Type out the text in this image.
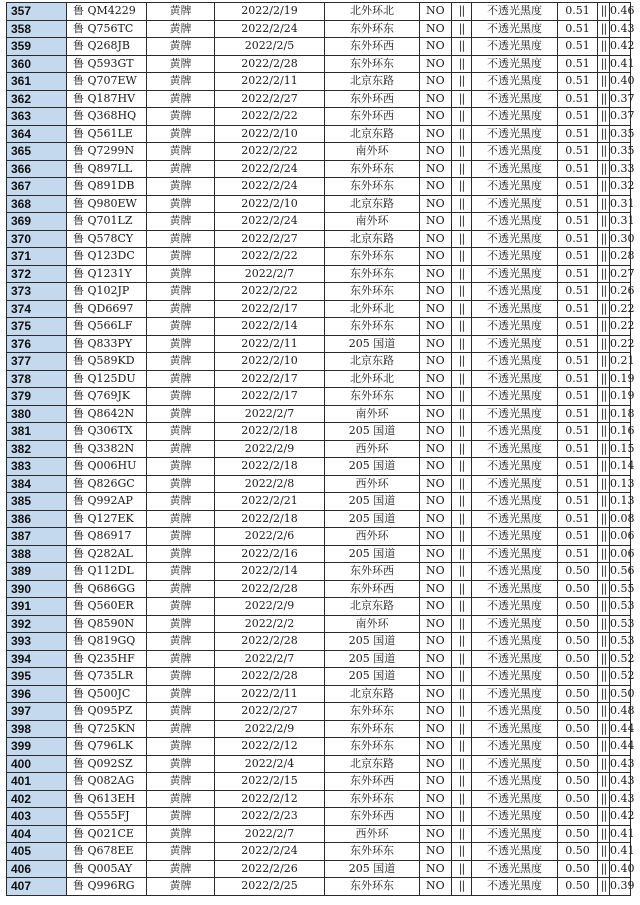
357	鲁 QM4229	黄牌	2022/2/19	北外环北	NO	||	不透光黑度	0.51	||	0.46
358	鲁 Q756TC	黄牌	2022/2/24	东外环东	NO	||	不透光黑度	0.51	||	0.43
359	鲁 Q268JB	黄牌	2022/2/5	东外环西	NO	||	不透光黑度	0.51	||	0.42
360	鲁 Q593GT	黄牌	2022/2/28	东外环东	NO	||	不透光黑度	0.51	||	0.41
361	鲁 Q707EW	黄牌	2022/2/11	北京东路	NO	||	不透光黑度	0.51	||	0.40
362	鲁 Q187HV	黄牌	2022/2/27	东外环西	NO	||	不透光黑度	0.51	||	0.37
363	鲁 Q368HQ	黄牌	2022/2/22	东外环西	NO	||	不透光黑度	0.51	||	0.37
364	鲁 Q561LE	黄牌	2022/2/10	北京东路	NO	||	不透光黑度	0.51	||	0.35
365	鲁 Q7299N	黄牌	2022/2/22	南外环	NO	||	不透光黑度	0.51	||	0.35
366	鲁 Q897LL	黄牌	2022/2/24	东外环东	NO	||	不透光黑度	0.51	||	0.33
367	鲁 Q891DB	黄牌	2022/2/24	东外环东	NO	||	不透光黑度	0.51	||	0.32
368	鲁 Q980EW	黄牌	2022/2/10	北京东路	NO	||	不透光黑度	0.51	||	0.31
369	鲁 Q701LZ	黄牌	2022/2/24	南外环	NO	||	不透光黑度	0.51	||	0.31
370	鲁 Q578CY	黄牌	2022/2/27	北京东路	NO	||	不透光黑度	0.51	||	0.30
371	鲁 Q123DC	黄牌	2022/2/22	东外环东	NO	||	不透光黑度	0.51	||	0.28
372	鲁 Q1231Y	黄牌	2022/2/7	东外环东	NO	||	不透光黑度	0.51	||	0.27
373	鲁 Q102JP	黄牌	2022/2/22	东外环东	NO	||	不透光黑度	0.51	||	0.26
374	鲁 QD6697	黄牌	2022/2/17	北外环北	NO	||	不透光黑度	0.51	||	0.22
375	鲁 Q566LF	黄牌	2022/2/14	东外环东	NO	||	不透光黑度	0.51	||	0.22
376	鲁 Q833PY	黄牌	2022/2/11	205 国道	NO	||	不透光黑度	0.51	||	0.22
377	鲁 Q589KD	黄牌	2022/2/10	北京东路	NO	||	不透光黑度	0.51	||	0.21
378	鲁 Q125DU	黄牌	2022/2/17	北外环北	NO	||	不透光黑度	0.51	||	0.19
379	鲁 Q769JK	黄牌	2022/2/17	东外环东	NO	||	不透光黑度	0.51	||	0.19
380	鲁 Q8642N	黄牌	2022/2/7	南外环	NO	||	不透光黑度	0.51	||	0.18
381	鲁 Q306TX	黄牌	2022/2/18	205 国道	NO	||	不透光黑度	0.51	||	0.16
382	鲁 Q3382N	黄牌	2022/2/9	西外环	NO	||	不透光黑度	0.51	||	0.15
383	鲁 Q006HU	黄牌	2022/2/18	205 国道	NO	||	不透光黑度	0.51	||	0.14
384	鲁 Q826GC	黄牌	2022/2/8	西外环	NO	||	不透光黑度	0.51	||	0.13
385	鲁 Q992AP	黄牌	2022/2/21	205 国道	NO	||	不透光黑度	0.51	||	0.13
386	鲁 Q127EK	黄牌	2022/2/18	205 国道	NO	||	不透光黑度	0.51	||	0.08
387	鲁 Q86917	黄牌	2022/2/6	西外环	NO	||	不透光黑度	0.51	||	0.06
388	鲁 Q282AL	黄牌	2022/2/16	205 国道	NO	||	不透光黑度	0.51	||	0.06
389	鲁 Q112DL	黄牌	2022/2/14	东外环西	NO	||	不透光黑度	0.50	||	0.56
390	鲁 Q686GG	黄牌	2022/2/28	东外环西	NO	||	不透光黑度	0.50	||	0.55
391	鲁 Q560ER	黄牌	2022/2/9	北京东路	NO	||	不透光黑度	0.50	||	0.53
392	鲁 Q8590N	黄牌	2022/2/2	南外环	NO	||	不透光黑度	0.50	||	0.53
393	鲁 Q819GQ	黄牌	2022/2/28	205 国道	NO	||	不透光黑度	0.50	||	0.53
394	鲁 Q235HF	黄牌	2022/2/7	205 国道	NO	||	不透光黑度	0.50	||	0.52
395	鲁 Q735LR	黄牌	2022/2/28	205 国道	NO	||	不透光黑度	0.50	||	0.52
396	鲁 Q500JC	黄牌	2022/2/11	北京东路	NO	||	不透光黑度	0.50	||	0.50
397	鲁 Q095PZ	黄牌	2022/2/27	东外环东	NO	||	不透光黑度	0.50	||	0.48
398	鲁 Q725KN	黄牌	2022/2/9	东外环东	NO	||	不透光黑度	0.50	||	0.44
399	鲁 Q796LK	黄牌	2022/2/12	东外环东	NO	||	不透光黑度	0.50	||	0.44
400	鲁 Q092SZ	黄牌	2022/2/4	北京东路	NO	||	不透光黑度	0.50	||	0.43
401	鲁 Q082AG	黄牌	2022/2/15	东外环西	NO	||	不透光黑度	0.50	||	0.43
402	鲁 Q613EH	黄牌	2022/2/12	东外环东	NO	||	不透光黑度	0.50	||	0.43
403	鲁 Q555FJ	黄牌	2022/2/23	东外环西	NO	||	不透光黑度	0.50	||	0.42
404	鲁 Q021CE	黄牌	2022/2/7	西外环	NO	||	不透光黑度	0.50	||	0.41
405	鲁 Q678EE	黄牌	2022/2/24	东外环东	NO	||	不透光黑度	0.50	||	0.41
406	鲁 Q005AY	黄牌	2022/2/26	205 国道	NO	||	不透光黑度	0.50	||	0.40
407	鲁 Q996RG	黄牌	2022/2/25	东外环东	NO	||	不透光黑度	0.50	||	0.39
